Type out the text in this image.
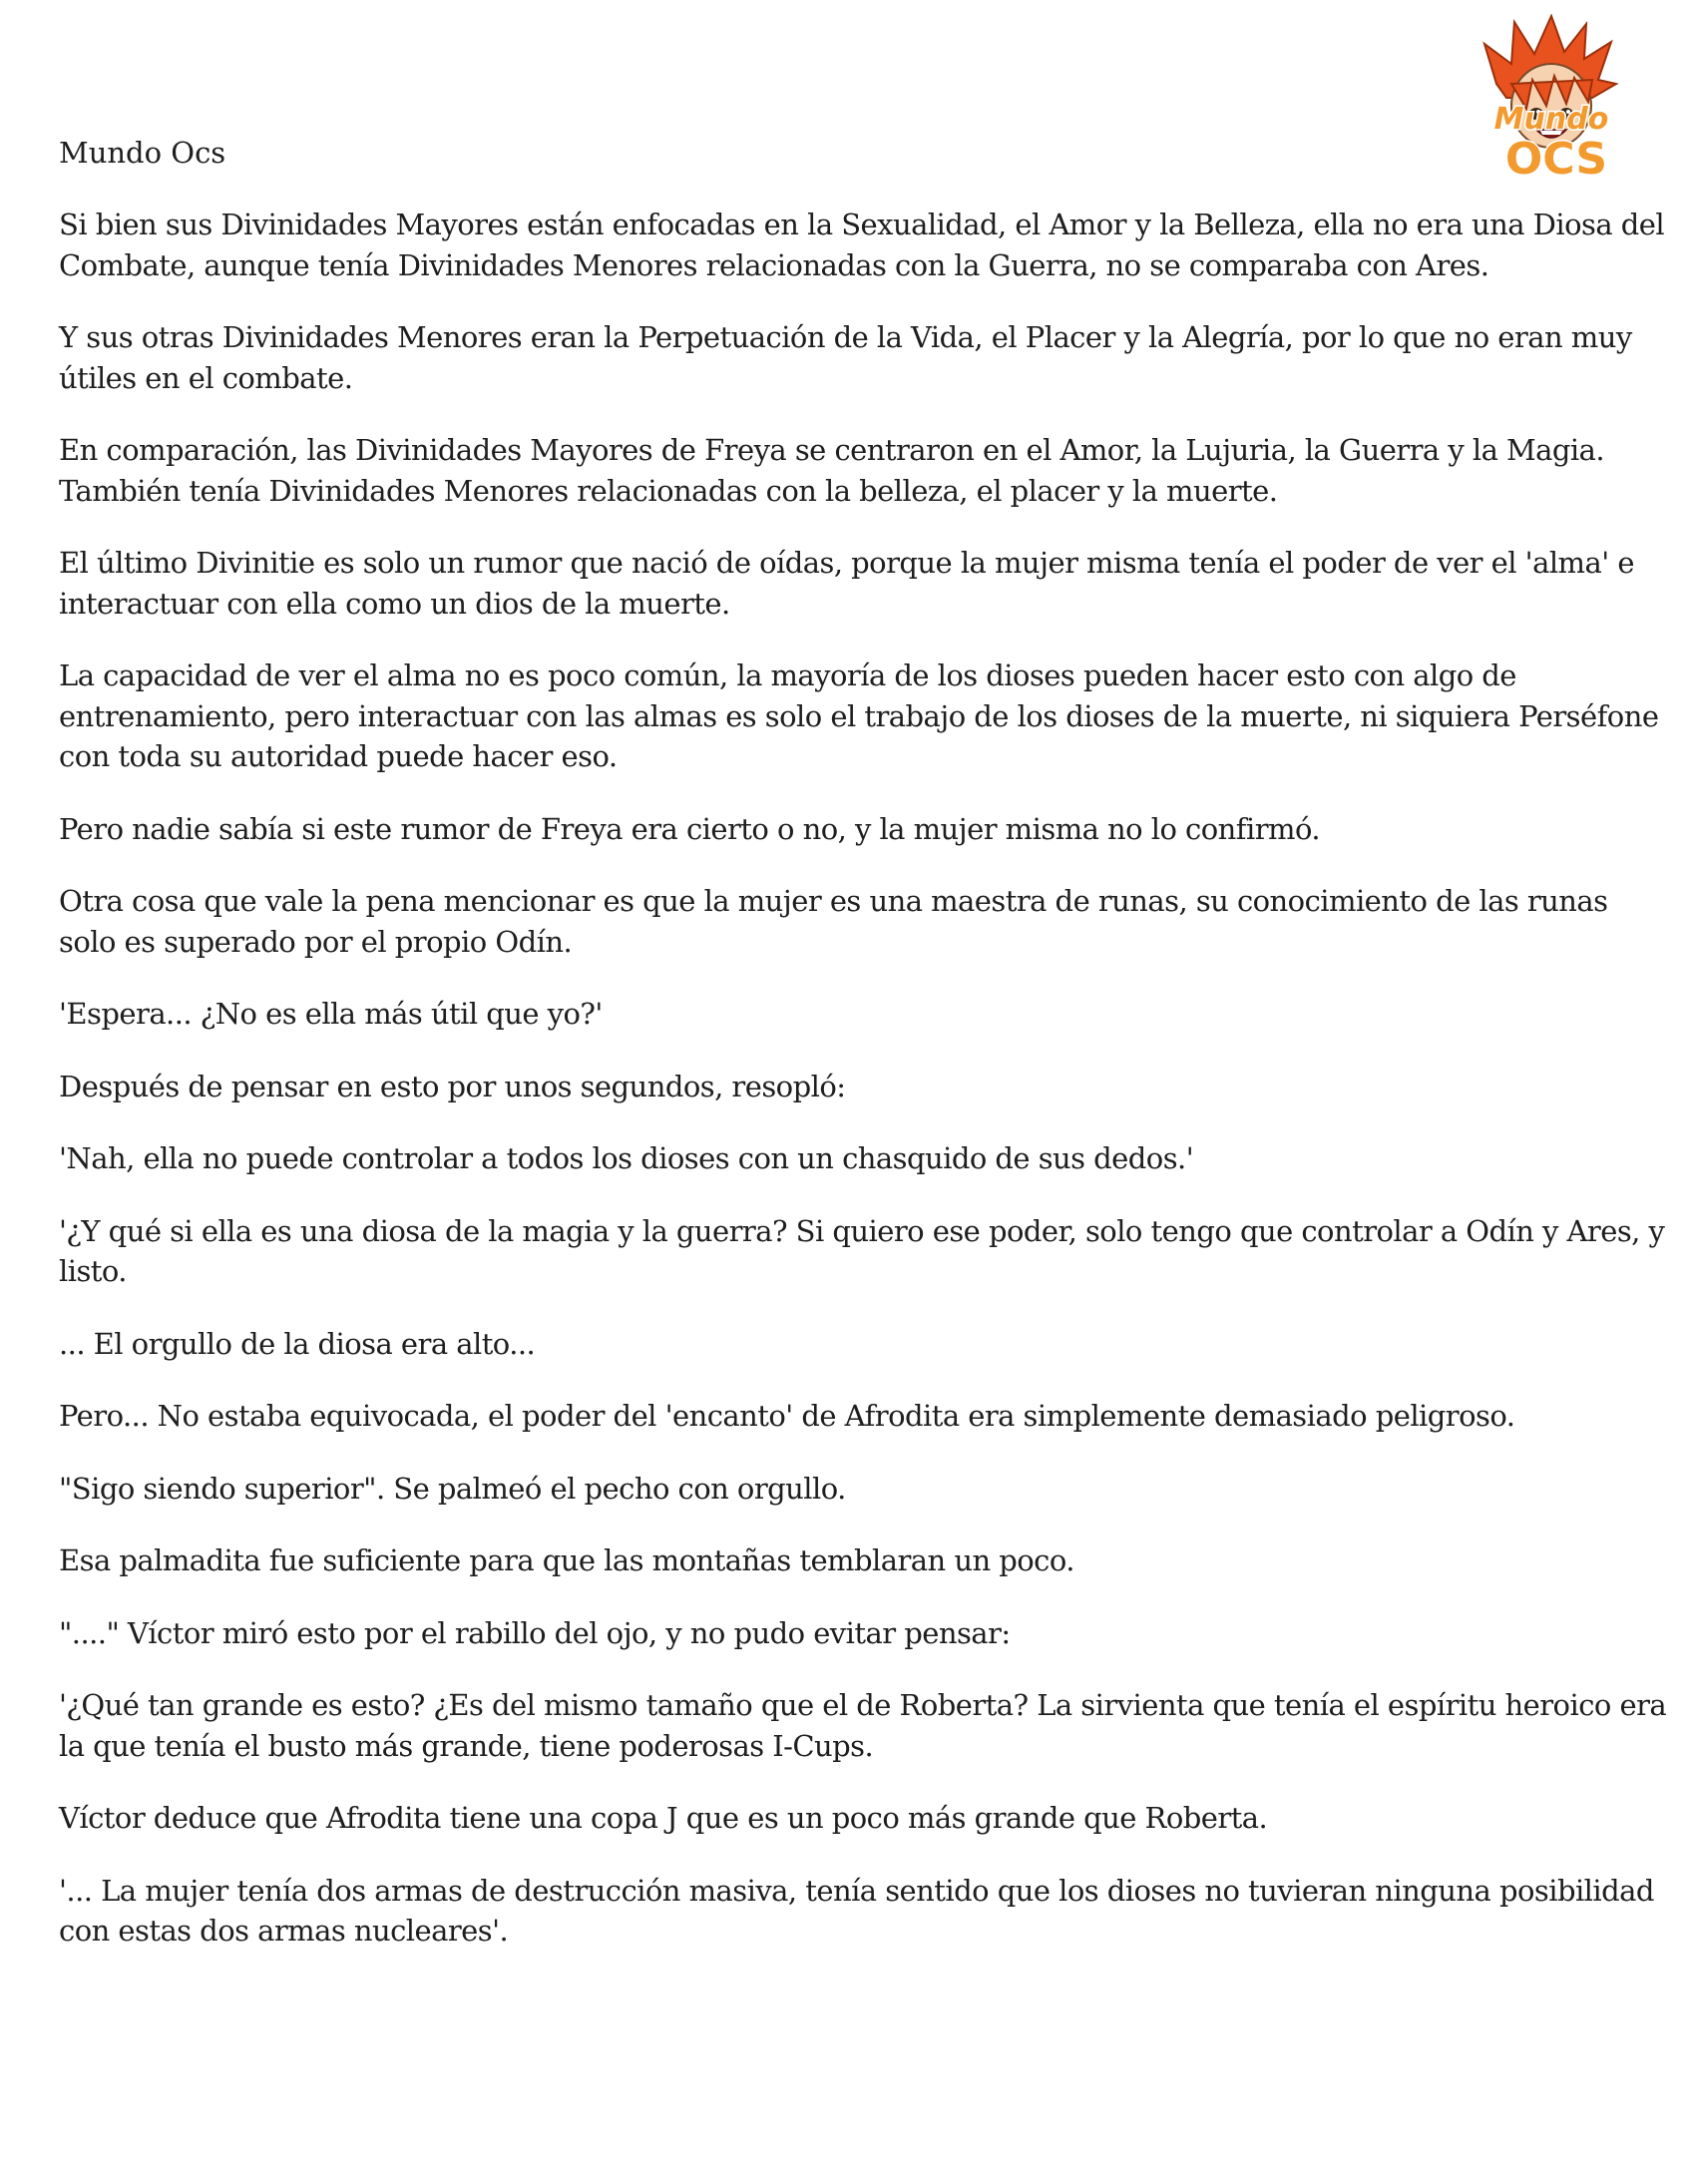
Mundo
OCS
Mundo Ocs

Si bien sus Divinidades Mayores están enfocadas en la Sexualidad, el Amor y la Belleza, ella no era una Diosa del
Combate, aunque tenía Divinidades Menores relacionadas con la Guerra, no se comparaba con Ares.

Y sus otras Divinidades Menores eran la Perpetuación de la Vida, el Placer y la Alegría, por lo que no eran muy
útiles en el combate.

En comparación, las Divinidades Mayores de Freya se centraron en el Amor, la Lujuria, la Guerra y la Magia.
También tenía Divinidades Menores relacionadas con la belleza, el placer y la muerte.

El último Divinitie es solo un rumor que nació de oídas, porque la mujer misma tenía el poder de ver el 'alma' e
interactuar con ella como un dios de la muerte.

La capacidad de ver el alma no es poco común, la mayoría de los dioses pueden hacer esto con algo de
entrenamiento, pero interactuar con las almas es solo el trabajo de los dioses de la muerte, ni siquiera Perséfone
con toda su autoridad puede hacer eso.

Pero nadie sabía si este rumor de Freya era cierto o no, y la mujer misma no lo confirmó.

Otra cosa que vale la pena mencionar es que la mujer es una maestra de runas, su conocimiento de las runas
solo es superado por el propio Odín.

'Espera... ¿No es ella más útil que yo?'

Después de pensar en esto por unos segundos, resopló:

'Nah, ella no puede controlar a todos los dioses con un chasquido de sus dedos.'

'¿Y qué si ella es una diosa de la magia y la guerra? Si quiero ese poder, solo tengo que controlar a Odín y Ares, y
listo.

... El orgullo de la diosa era alto...

Pero... No estaba equivocada, el poder del 'encanto' de Afrodita era simplemente demasiado peligroso.

"Sigo siendo superior". Se palmeó el pecho con orgullo.

Esa palmadita fue suficiente para que las montañas temblaran un poco.

"...." Víctor miró esto por el rabillo del ojo, y no pudo evitar pensar:

'¿Qué tan grande es esto? ¿Es del mismo tamaño que el de Roberta? La sirvienta que tenía el espíritu heroico era
la que tenía el busto más grande, tiene poderosas I-Cups.

Víctor deduce que Afrodita tiene una copa J que es un poco más grande que Roberta.

'... La mujer tenía dos armas de destrucción masiva, tenía sentido que los dioses no tuvieran ninguna posibilidad
con estas dos armas nucleares'.
